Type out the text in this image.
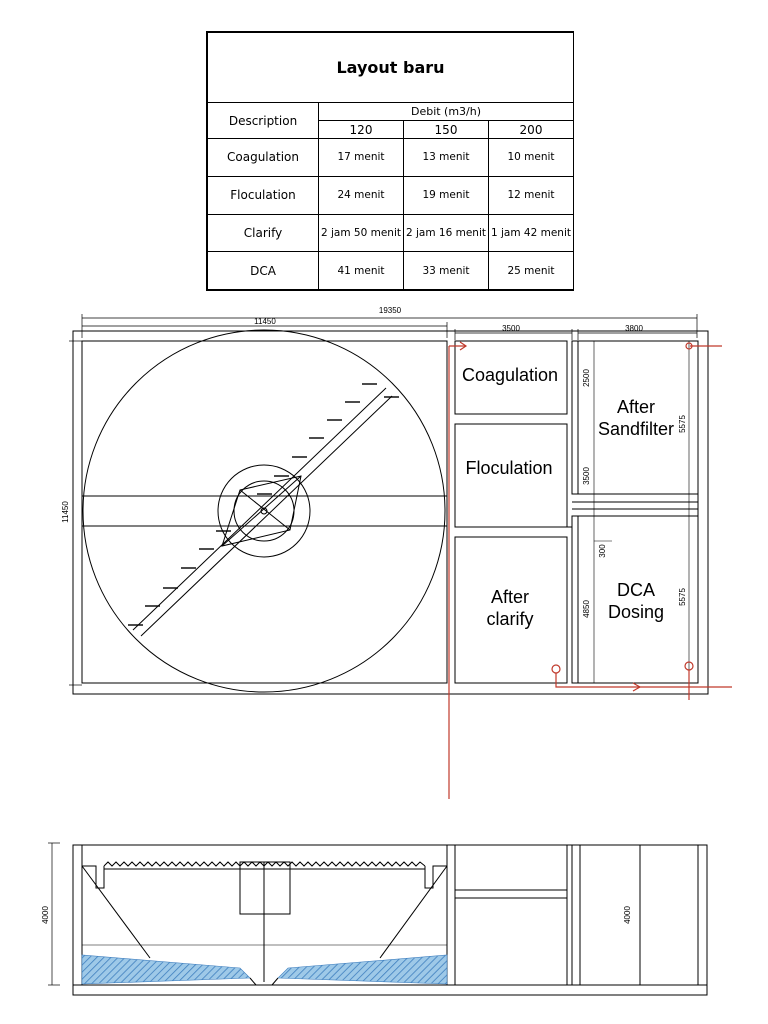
Layout baru			
Description	Debit (m3/h)		
	120	150	200
Coagulation	17 menit	13 menit	10 menit
Floculation	24 menit	19 menit	12 menit
Clarify	2 jam 50 menit	2 jam 16 menit	1 jam 42 menit
DCA	41 menit	33 menit	25 menit
19350
11450
3500	3800
11450
2500
3500
300
4850
5575
5575
Coagulation
Floculation
After
clarify
After
Sandfilter
DCA
Dosing
4000	4000
